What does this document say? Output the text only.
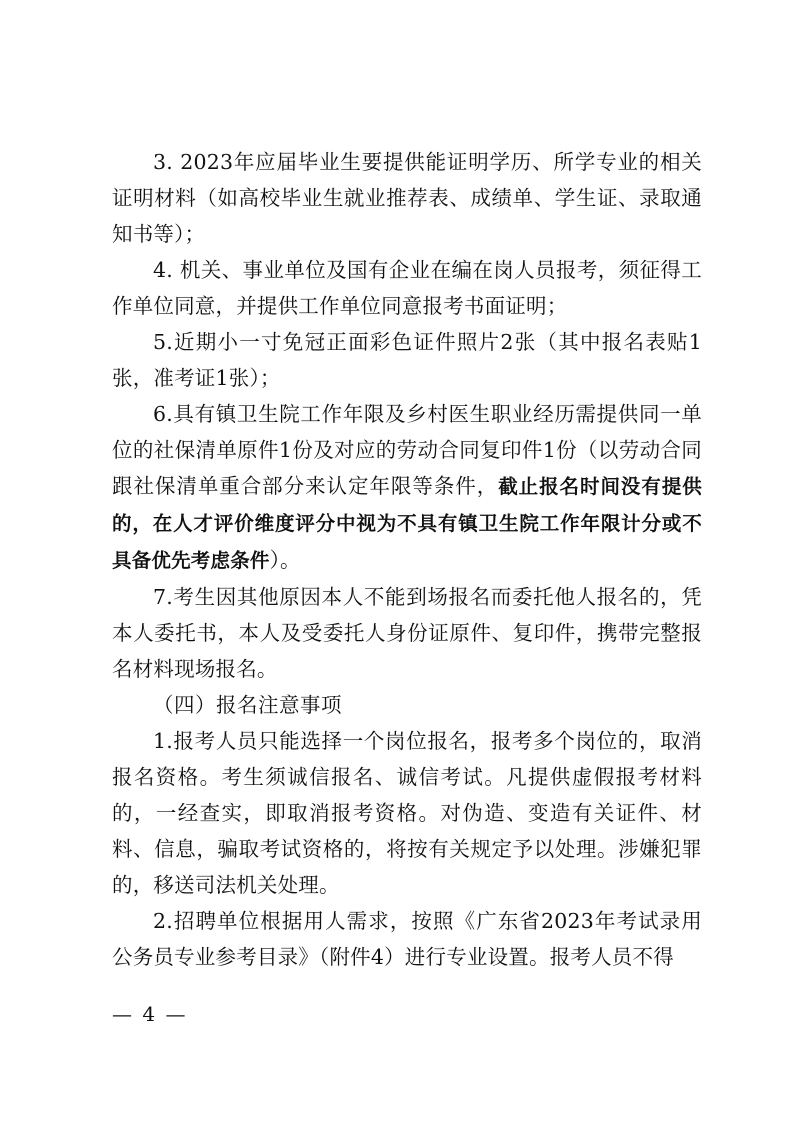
3. 2023年应届毕业生要提供能证明学历、所学专业的相关证明材料（如高校毕业生就业推荐表、成绩单、学生证、录取通知书等）；

4. 机关、事业单位及国有企业在编在岗人员报考，须征得工作单位同意，并提供工作单位同意报考书面证明；

5.近期小一寸免冠正面彩色证件照片2张（其中报名表贴1张，准考证1张）；

6.具有镇卫生院工作年限及乡村医生职业经历需提供同一单位的社保清单原件1份及对应的劳动合同复印件1份（以劳动合同跟社保清单重合部分来认定年限等条件，截止报名时间没有提供的，在人才评价维度评分中视为不具有镇卫生院工作年限计分或不具备优先考虑条件）。

7.考生因其他原因本人不能到场报名而委托他人报名的，凭本人委托书，本人及受委托人身份证原件、复印件，携带完整报名材料现场报名。

（四）报名注意事项

1.报考人员只能选择一个岗位报名，报考多个岗位的，取消报名资格。考生须诚信报名、诚信考试。凡提供虚假报考材料的，一经查实，即取消报考资格。对伪造、变造有关证件、材料、信息，骗取考试资格的，将按有关规定予以处理。涉嫌犯罪的，移送司法机关处理。

2.招聘单位根据用人需求，按照《广东省2023年考试录用公务员专业参考目录》（附件4）进行专业设置。报考人员不得

— 4 —
